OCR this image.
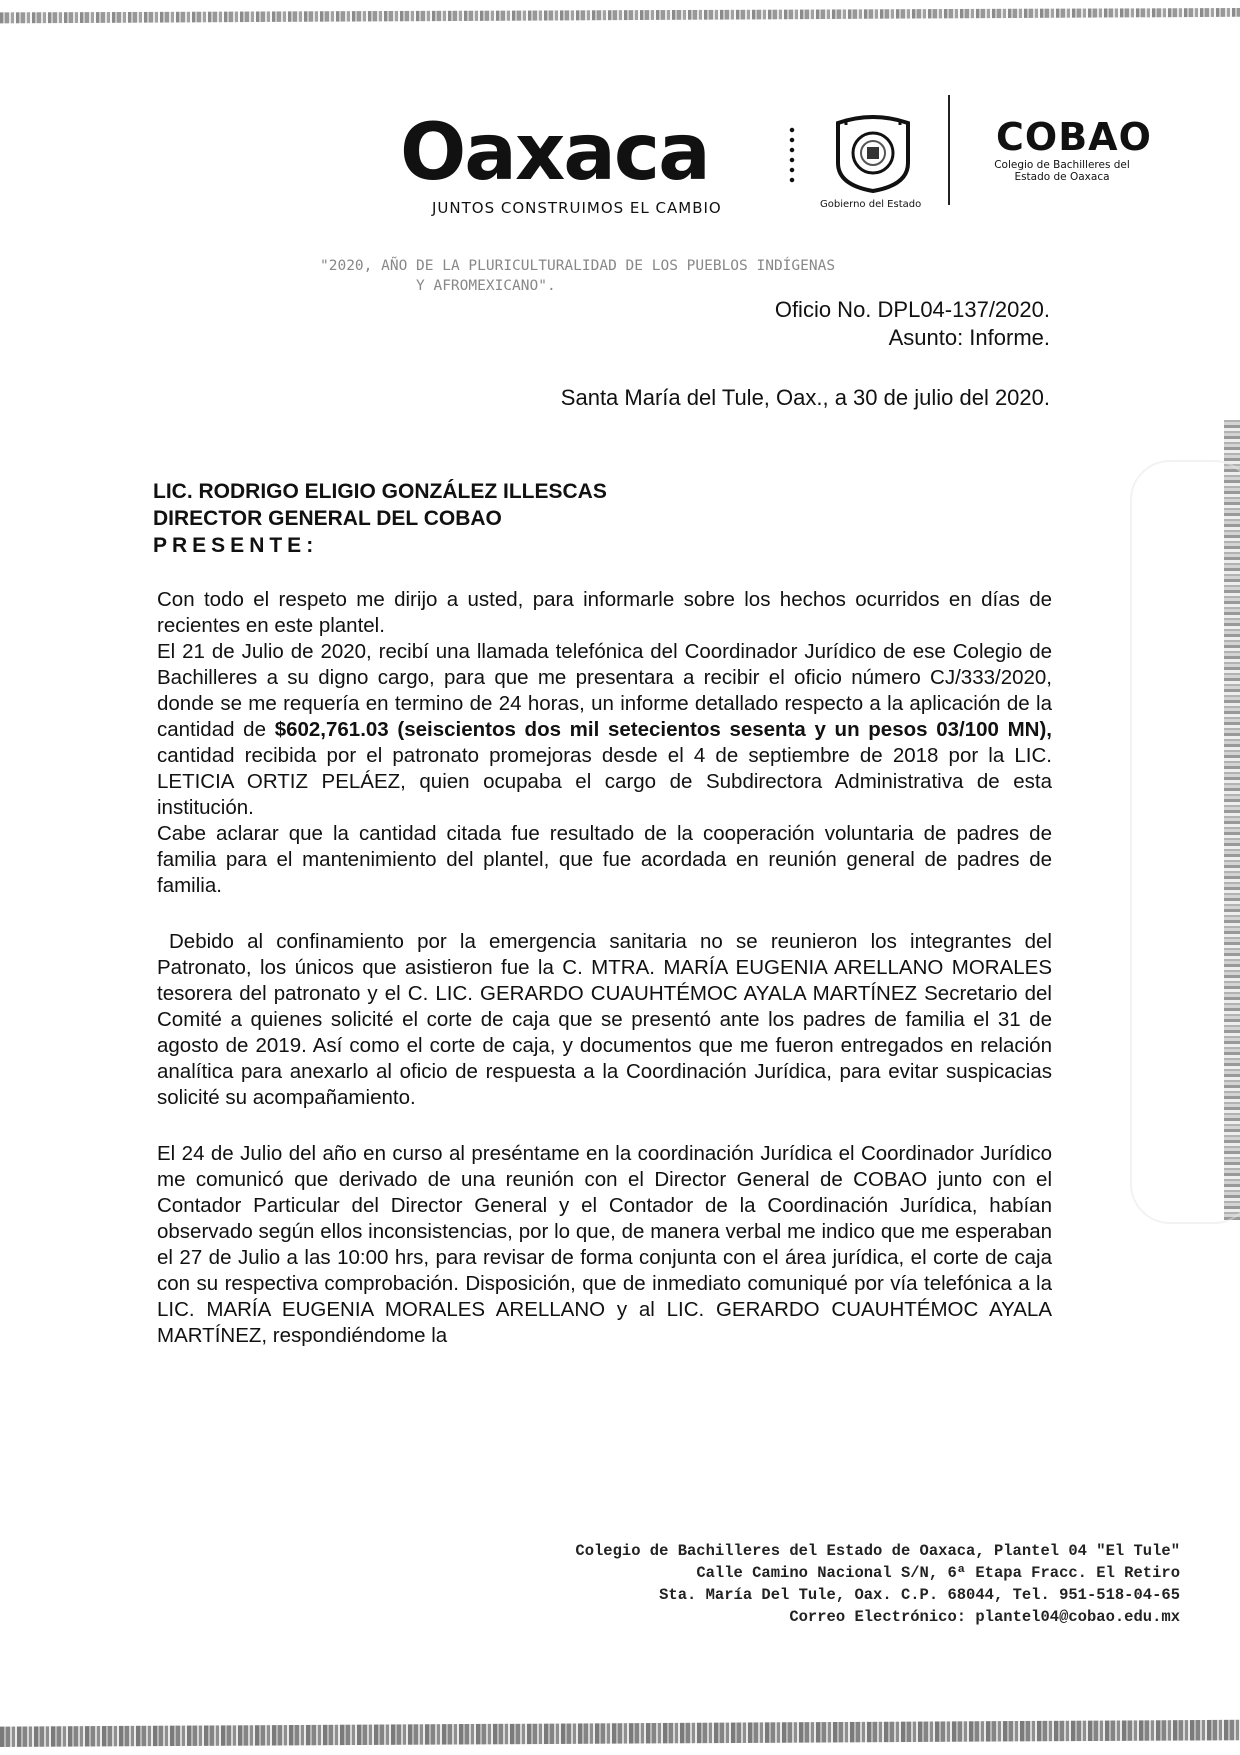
Oaxaca
JUNTOS CONSTRUIMOS EL CAMBIO	Gobierno del Estado
COBAO
Colegio de Bachilleres del Estado de Oaxaca
"2020, AÑO DE LA PLURICULTURALIDAD DE LOS PUEBLOS INDÍGENAS
Y AFROMEXICANO".
Oficio No. DPL04-137/2020.
Asunto: Informe.
Santa María del Tule, Oax., a 30 de julio del 2020.
LIC. RODRIGO ELIGIO GONZÁLEZ ILLESCAS
DIRECTOR GENERAL DEL COBAO
PRESENTE:

Con todo el respeto me dirijo a usted, para informarle sobre los hechos ocurridos en días de recientes en este plantel.

El 21 de Julio de 2020, recibí una llamada telefónica del Coordinador Jurídico de ese Colegio de Bachilleres a su digno cargo, para que me presentara a recibir el oficio número CJ/333/2020, donde se me requería en termino de 24 horas, un informe detallado respecto a la aplicación de la cantidad de $602,761.03 (seiscientos dos mil setecientos sesenta y un pesos 03/100 MN), cantidad recibida por el patronato promejoras desde el 4 de septiembre de 2018 por la LIC. LETICIA ORTIZ PELÁEZ, quien ocupaba el cargo de Subdirectora Administrativa de esta institución.

Cabe aclarar que la cantidad citada fue resultado de la cooperación voluntaria de padres de familia para el mantenimiento del plantel, que fue acordada en reunión general de padres de familia.

Debido al confinamiento por la emergencia sanitaria no se reunieron los integrantes del Patronato, los únicos que asistieron fue la C. MTRA. MARÍA EUGENIA ARELLANO MORALES tesorera del patronato y el C. LIC. GERARDO CUAUHTÉMOC AYALA MARTÍNEZ Secretario del Comité a quienes solicité el corte de caja que se presentó ante los padres de familia el 31 de agosto de 2019. Así como el corte de caja, y documentos que me fueron entregados en relación analítica para anexarlo al oficio de respuesta a la Coordinación Jurídica, para evitar suspicacias solicité su acompañamiento.

El 24 de Julio del año en curso al preséntame en la coordinación Jurídica el Coordinador Jurídico me comunicó que derivado de una reunión con el Director General de COBAO junto con el Contador Particular del Director General y el Contador de la Coordinación Jurídica, habían observado según ellos inconsistencias, por lo que, de manera verbal me indico que me esperaban el 27 de Julio a las 10:00 hrs, para revisar de forma conjunta con el área jurídica, el corte de caja con su respectiva comprobación. Disposición, que de inmediato comuniqué por vía telefónica a la LIC. MARÍA EUGENIA MORALES ARELLANO y al LIC. GERARDO CUAUHTÉMOC AYALA MARTÍNEZ, respondiéndome la

Colegio de Bachilleres del Estado de Oaxaca, Plantel 04 "El Tule"
Calle Camino Nacional S/N, 6ª Etapa Fracc. El Retiro
Sta. María Del Tule, Oax. C.P. 68044, Tel. 951-518-04-65
Correo Electrónico: plantel04@cobao.edu.mx
